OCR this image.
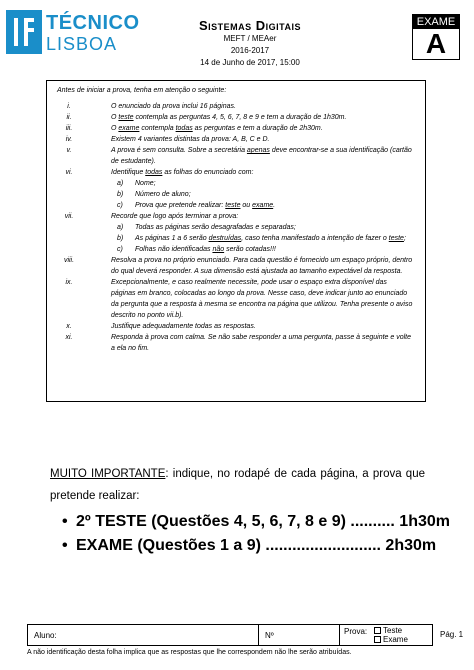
TÉCNICO
LISBOA
Sistemas Digitais
MEFT / MEAer
2016-2017
14 de Junho de 2017, 15:00
EXAME
A
Antes de iniciar a prova, tenha em atenção o seguinte:
i.	O enunciado da prova inclui 16 páginas.
ii.	O teste contempla as perguntas 4, 5, 6, 7, 8 e 9 e tem a duração de 1h30m.
iii.	O exame contempla todas as perguntas e tem a duração de 2h30m.
iv.	Existem 4 variantes distintas da prova: A, B, C e D.
v.	A prova é sem consulta. Sobre a secretária apenas deve encontrar-se a sua identificação (cartão de estudante).
vi.	Identifique todas as folhas do enunciado com:
a) Nome;
b) Número de aluno;
c) Prova que pretende realizar: teste ou exame.
vii.	Recorde que logo após terminar a prova:
a) Todas as páginas serão desagrafadas e separadas;
b) As páginas 1 a 6 serão destruídas, caso tenha manifestado a intenção de fazer o teste;
c) Folhas não identificadas não serão cotadas!!!
viii.	Resolva a prova no próprio enunciado. Para cada questão é fornecido um espaço próprio, dentro do qual deverá responder. A sua dimensão está ajustada ao tamanho expectável da resposta.
ix.	Excepcionalmente, e caso realmente necessite, pode usar o espaço extra disponível das páginas em branco, colocadas ao longo da prova. Nesse caso, deve indicar junto ao enunciado da pergunta que a resposta à mesma se encontra na página que utilizou. Tenha presente o aviso descrito no ponto vii.b).
x.	Justifique adequadamente todas as respostas.
xi.	Responda à prova com calma. Se não sabe responder a uma pergunta, passe à seguinte e volte a ela no fim.
MUITO IMPORTANTE: indique, no rodapé de cada página, a prova que pretende realizar:
• 2º TESTE (Questões 4, 5, 6, 7, 8 e 9) .......... 1h30m
• EXAME (Questões 1 a 9) .......................... 2h30m
Aluno:	Nº	Prova:	Teste
Exame
Pág. 1
A não identificação desta folha implica que as respostas que lhe correspondem não lhe serão atribuídas.
